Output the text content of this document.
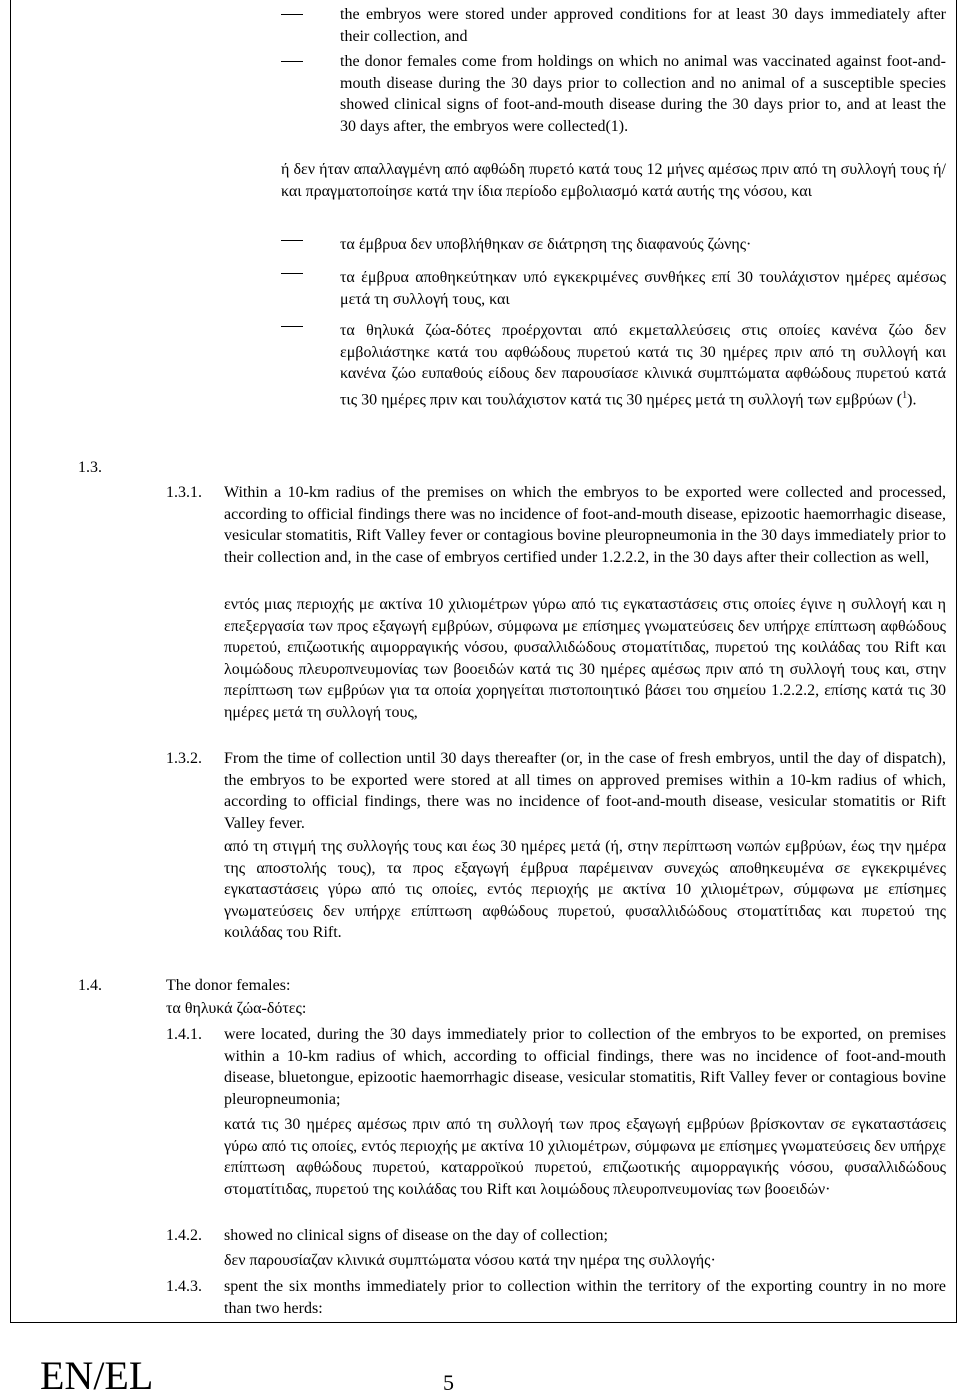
the embryos were stored under approved conditions for at least 30 days immediately after their collection, and
the donor females come from holdings on which no animal was vaccinated against foot-and-mouth disease during the 30 days prior to collection and no animal of a susceptible species showed clinical signs of foot-and-mouth disease during the 30 days prior to, and at least the 30 days after, the embryos were collected(1).
ή δεν ήταν απαλλαγμένη από αφθώδη πυρετό κατά τους 12 μήνες αμέσως πριν από τη συλλογή τους ή/και πραγματοποίησε κατά την ίδια περίοδο εμβολιασμό κατά αυτής της νόσου, και
τα έμβρυα δεν υποβλήθηκαν σε διάτρηση της διαφανούς ζώνης·
τα έμβρυα αποθηκεύτηκαν υπό εγκεκριμένες συνθήκες επί 30 τουλάχιστον ημέρες αμέσως μετά τη συλλογή τους, και
τα θηλυκά ζώα-δότες προέρχονται από εκμεταλλεύσεις στις οποίες κανένα ζώο δεν εμβολιάστηκε κατά του αφθώδους πυρετού κατά τις 30 ημέρες πριν από τη συλλογή και κανένα ζώο ευπαθούς είδους δεν παρουσίασε κλινικά συμπτώματα αφθώδους πυρετού κατά τις 30 ημέρες πριν και τουλάχιστον κατά τις 30 ημέρες μετά τη συλλογή των εμβρύων ($^1$).
1.3.
1.3.1. Within a 10-km radius of the premises on which the embryos to be exported were collected and processed, according to official findings there was no incidence of foot-and-mouth disease, epizootic haemorrhagic disease, vesicular stomatitis, Rift Valley fever or contagious bovine pleuropneumonia in the 30 days immediately prior to their collection and, in the case of embryos certified under 1.2.2.2, in the 30 days after their collection as well,
εντός μιας περιοχής με ακτίνα 10 χιλιομέτρων γύρω από τις εγκαταστάσεις στις οποίες έγινε η συλλογή και η επεξεργασία των προς εξαγωγή εμβρύων, σύμφωνα με επίσημες γνωματεύσεις δεν υπήρχε επίπτωση αφθώδους πυρετού, επιζωοτικής αιμορραγικής νόσου, φυσαλλιδώδους στοματίτιδας, πυρετού της κοιλάδας του Rift και λοιμώδους πλευροπνευμονίας των βοοειδών κατά τις 30 ημέρες αμέσως πριν από τη συλλογή τους και, στην περίπτωση των εμβρύων για τα οποία χορηγείται πιστοποιητικό βάσει του σημείου 1.2.2.2, επίσης κατά τις 30 ημέρες μετά τη συλλογή τους,
1.3.2. From the time of collection until 30 days thereafter (or, in the case of fresh embryos, until the day of dispatch), the embryos to be exported were stored at all times on approved premises within a 10-km radius of which, according to official findings, there was no incidence of foot-and-mouth disease, vesicular stomatitis or Rift Valley fever.
από τη στιγμή της συλλογής τους και έως 30 ημέρες μετά (ή, στην περίπτωση νωπών εμβρύων, έως την ημέρα της αποστολής τους), τα προς εξαγωγή έμβρυα παρέμειναν συνεχώς αποθηκευμένα σε εγκεκριμένες εγκαταστάσεις γύρω από τις οποίες, εντός περιοχής με ακτίνα 10 χιλιομέτρων, σύμφωνα με επίσημες γνωματεύσεις δεν υπήρχε επίπτωση αφθώδους πυρετού, φυσαλλιδώδους στοματίτιδας και πυρετού της κοιλάδας του Rift.
1.4.	The donor females:
τα θηλυκά ζώα-δότες:
1.4.1. were located, during the 30 days immediately prior to collection of the embryos to be exported, on premises within a 10-km radius of which, according to official findings, there was no incidence of foot-and-mouth disease, bluetongue, epizootic haemorrhagic disease, vesicular stomatitis, Rift Valley fever or contagious bovine pleuropneumonia;
κατά τις 30 ημέρες αμέσως πριν από τη συλλογή των προς εξαγωγή εμβρύων βρίσκονταν σε εγκαταστάσεις γύρω από τις οποίες, εντός περιοχής με ακτίνα 10 χιλιομέτρων, σύμφωνα με επίσημες γνωματεύσεις δεν υπήρχε επίπτωση αφθώδους πυρετού, καταρροϊκού πυρετού, επιζωοτικής αιμορραγικής νόσου, φυσαλλιδώδους στοματίτιδας, πυρετού της κοιλάδας του Rift και λοιμώδους πλευροπνευμονίας των βοοειδών·
1.4.2. showed no clinical signs of disease on the day of collection;
δεν παρουσίαζαν κλινικά συμπτώματα νόσου κατά την ημέρα της συλλογής·
1.4.3. spent the six months immediately prior to collection within the territory of the exporting country in no more than two herds:
EN/EL	5
